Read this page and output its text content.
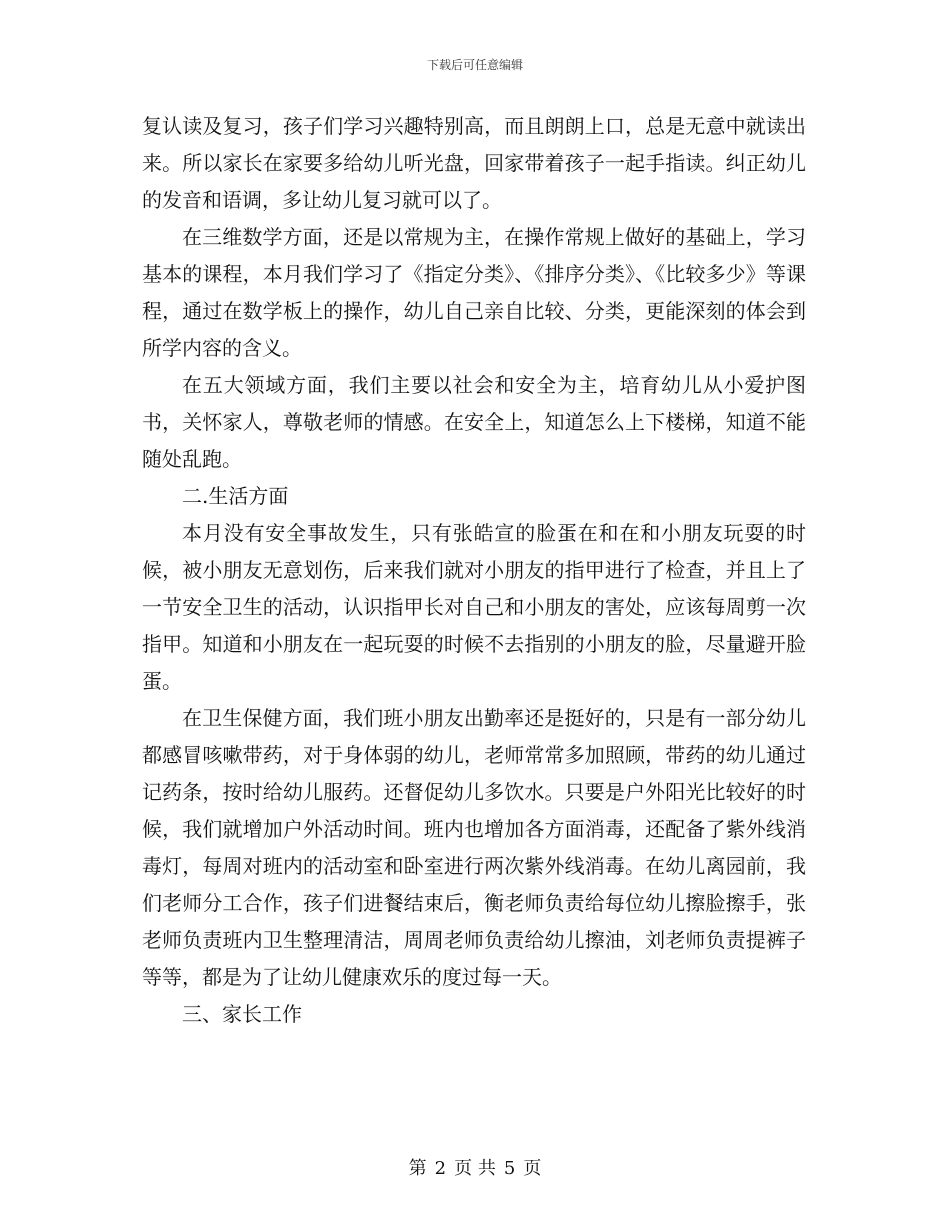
下载后可任意编辑

复认读及复习，孩子们学习兴趣特别高，而且朗朗上口，总是无意中就读出来。所以家长在家要多给幼儿听光盘，回家带着孩子一起手指读。纠正幼儿的发音和语调，多让幼儿复习就可以了。

在三维数学方面，还是以常规为主，在操作常规上做好的基础上，学习基本的课程，本月我们学习了《指定分类》、《排序分类》、《比较多少》等课程，通过在数学板上的操作，幼儿自己亲自比较、分类，更能深刻的体会到所学内容的含义。

在五大领域方面，我们主要以社会和安全为主，培育幼儿从小爱护图书，关怀家人，尊敬老师的情感。在安全上，知道怎么上下楼梯，知道不能随处乱跑。

二.生活方面

本月没有安全事故发生，只有张皓宣的脸蛋在和在和小朋友玩耍的时候，被小朋友无意划伤，后来我们就对小朋友的指甲进行了检查，并且上了一节安全卫生的活动，认识指甲长对自己和小朋友的害处，应该每周剪一次指甲。知道和小朋友在一起玩耍的时候不去指别的小朋友的脸，尽量避开脸蛋。

在卫生保健方面，我们班小朋友出勤率还是挺好的，只是有一部分幼儿都感冒咳嗽带药，对于身体弱的幼儿，老师常常多加照顾，带药的幼儿通过记药条，按时给幼儿服药。还督促幼儿多饮水。只要是户外阳光比较好的时候，我们就增加户外活动时间。班内也增加各方面消毒，还配备了紫外线消毒灯，每周对班内的活动室和卧室进行两次紫外线消毒。在幼儿离园前，我们老师分工合作，孩子们进餐结束后，衡老师负责给每位幼儿擦脸擦手，张老师负责班内卫生整理清洁，周周老师负责给幼儿擦油，刘老师负责提裤子等等，都是为了让幼儿健康欢乐的度过每一天。

三、家长工作

第 2 页 共 5 页
